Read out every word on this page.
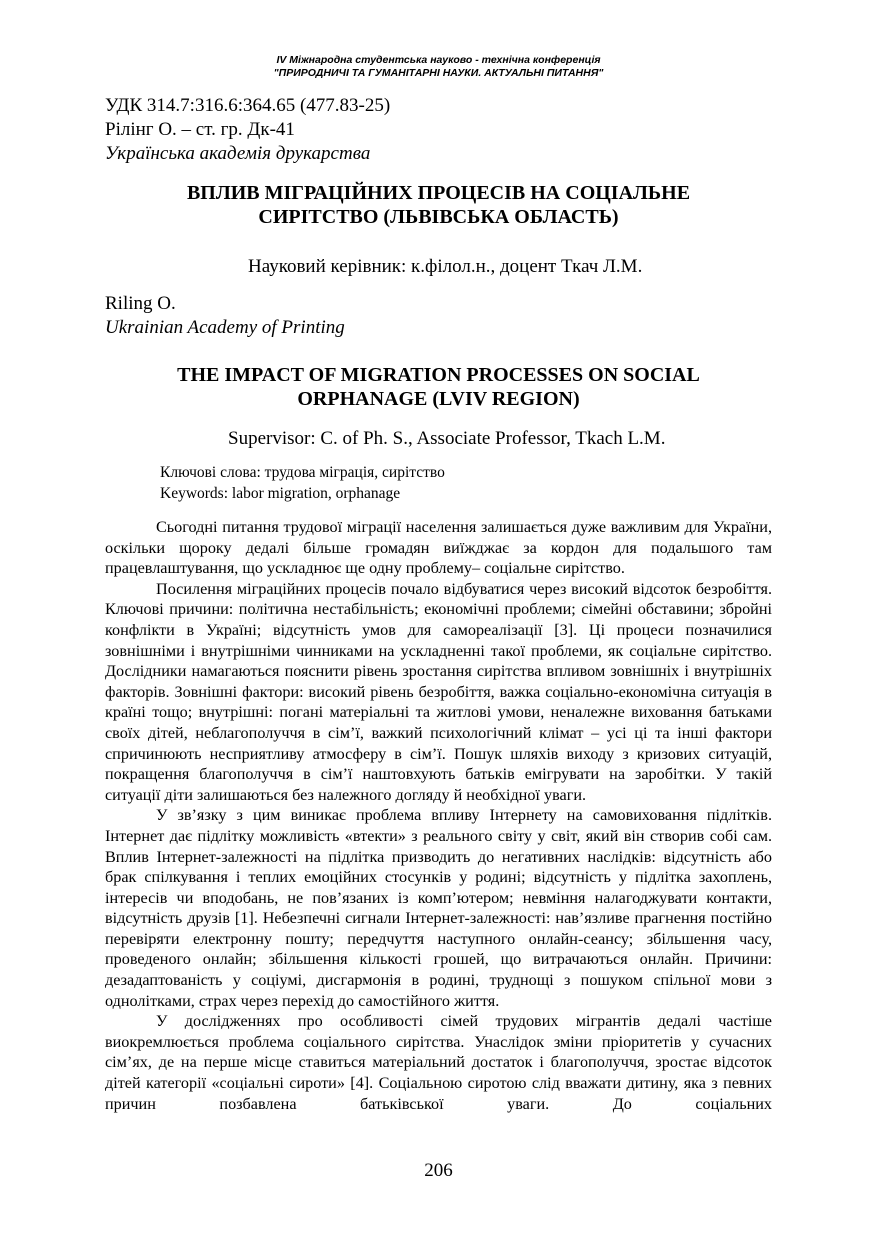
IV Міжнародна студентська науково - технічна конференція
"ПРИРОДНИЧІ ТА ГУМАНІТАРНІ НАУКИ. АКТУАЛЬНІ ПИТАННЯ"
УДК 314.7:316.6:364.65 (477.83-25)
Рілінг О. – ст. гр. Дк-41
Українська академія друкарства
ВПЛИВ МІГРАЦІЙНИХ ПРОЦЕСІВ НА СОЦІАЛЬНЕ
СИРІТСТВО (ЛЬВІВСЬКА ОБЛАСТЬ)
Науковий керівник: к.філол.н., доцент Ткач Л.М.
Riling O.
Ukrainian Academy of Printing
THE IMPACT OF MIGRATION PROCESSES ON SOCIAL
ORPHANAGE (LVIV REGION)
Supervisor: C. of Ph. S., Associate Professor, Tkach L.M.
Ключові слова: трудова міграція, сирітство
Keywords: labor migration, orphanage

Сьогодні питання трудової міграції населення залишається дуже важливим для України, оскільки щороку дедалі більше громадян виїжджає за кордон для подальшого там працевлаштування, що ускладнює ще одну проблему– соціальне сирітство.

Посилення міграційних процесів почало відбуватися через високий відсоток безробіття. Ключові причини: політична нестабільність; економічні проблеми; сімейні обставини; збройні конфлікти в Україні; відсутність умов для самореалізації [3]. Ці процеси позначилися зовнішніми і внутрішніми чинниками на ускладненні такої проблеми, як соціальне сирітство. Дослідники намагаються пояснити рівень зростання сирітства впливом зовнішніх і внутрішніх факторів. Зовнішні фактори: високий рівень безробіття, важка соціально-економічна ситуація в країні тощо; внутрішні: погані матеріальні та житлові умови, неналежне виховання батьками своїх дітей, неблагополуччя в сім’ї, важкий психологічний клімат – усі ці та інші фактори спричинюють несприятливу атмосферу в сім’ї. Пошук шляхів виходу з кризових ситуацій, покращення благополуччя в сім’ї наштовхують батьків емігрувати на заробітки. У такій ситуації діти залишаються без належного догляду й необхідної уваги.

У зв’язку з цим виникає проблема впливу Інтернету на самовиховання підлітків. Інтернет дає підлітку можливість «втекти» з реального світу у світ, який він створив собі сам. Вплив Інтернет-залежності на підлітка призводить до негативних наслідків: відсутність або брак спілкування і теплих емоційних стосунків у родині; відсутність у підлітка захоплень, інтересів чи вподобань, не пов’язаних із комп’ютером; невміння налагоджувати контакти, відсутність друзів [1]. Небезпечні сигнали Інтернет-залежності: нав’язливе прагнення постійно перевіряти електронну пошту; передчуття наступного онлайн-сеансу; збільшення часу, проведеного онлайн; збільшення кількості грошей, що витрачаються онлайн. Причини: дезадаптованість у соціумі, дисгармонія в родині, труднощі з пошуком спільної мови з однолітками, страх через перехід до самостійного життя.

У дослідженнях про особливості сімей трудових мігрантів дедалі частіше виокремлюється проблема соціального сирітства. Унаслідок зміни пріоритетів у сучасних сім’ях, де на перше місце ставиться матеріальний достаток і благополуччя, зростає відсоток дітей категорії «соціальні сироти» [4]. Соціальною сиротою слід вважати дитину, яка з певних причин позбавлена батьківської уваги. До соціальних

206
